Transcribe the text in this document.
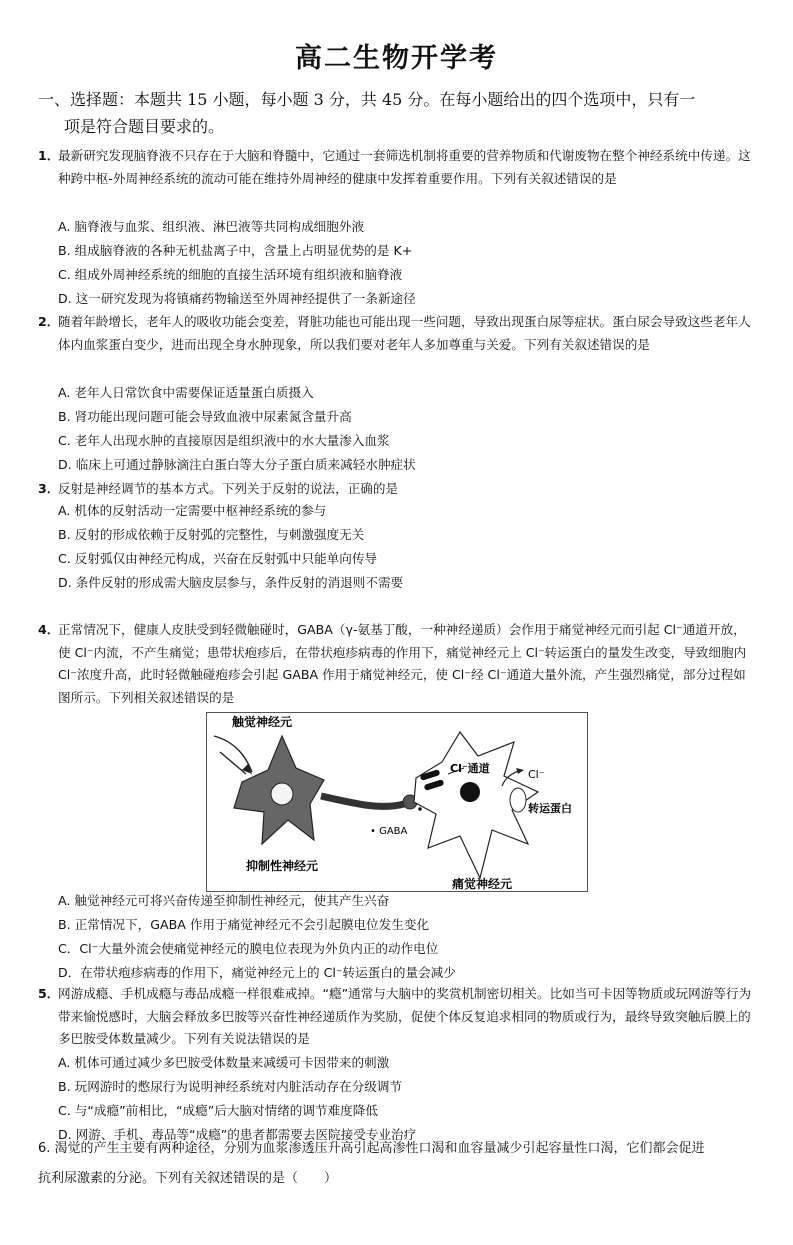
高二生物开学考
一、选择题：本题共 15 小题，每小题 3 分，共 45 分。在每小题给出的四个选项中，只有一
项是符合题目要求的。
1．
最新研究发现脑脊液不只存在于大脑和脊髓中，它通过一套筛选机制将重要的营养物质和代谢废物在整个神经系统中传递。这种跨中枢-外周神经系统的流动可能在维持外周神经的健康中发挥着重要作用。下列有关叙述错误的是
A. 脑脊液与血浆、组织液、淋巴液等共同构成细胞外液
B. 组成脑脊液的各种无机盐离子中，含量上占明显优势的是 K+
C. 组成外周神经系统的细胞的直接生活环境有组织液和脑脊液
D. 这一研究发现为将镇痛药物输送至外周神经提供了一条新途径
2．
随着年龄增长，老年人的吸收功能会变差，肾脏功能也可能出现一些问题，导致出现蛋白尿等症状。蛋白尿会导致这些老年人体内血浆蛋白变少，进而出现全身水肿现象，所以我们要对老年人多加尊重与关爱。下列有关叙述错误的是
A. 老年人日常饮食中需要保证适量蛋白质摄入
B. 肾功能出现问题可能会导致血液中尿素氮含量升高
C. 老年人出现水肿的直接原因是组织液中的水大量渗入血浆
D. 临床上可通过静脉滴注白蛋白等大分子蛋白质来减轻水肿症状
3．
反射是神经调节的基本方式。下列关于反射的说法，正确的是
A. 机体的反射活动一定需要中枢神经系统的参与
B. 反射的形成依赖于反射弧的完整性，与刺激强度无关
C. 反射弧仅由神经元构成，兴奋在反射弧中只能单向传导
D. 条件反射的形成需大脑皮层参与，条件反射的消退则不需要
4．
正常情况下，健康人皮肤受到轻微触碰时，GABA（γ-氨基丁酸，一种神经递质）会作用于痛觉神经元而引起 Cl⁻通道开放，使 Cl⁻内流，不产生痛觉；患带状疱疹后，在带状疱疹病毒的作用下，痛觉神经元上 Cl⁻转运蛋白的量发生改变，导致细胞内 Cl⁻浓度升高，此时轻微触碰疱疹会引起 GABA 作用于痛觉神经元，使 Cl⁻经 Cl⁻通道大量外流，产生强烈痛觉，部分过程如图所示。下列相关叙述错误的是
触觉神经元
抑制性神经元
痛觉神经元
• GABA
Cl⁻通道	Cl⁻
转运蛋白
A. 触觉神经元可将兴奋传递至抑制性神经元，使其产生兴奋
B. 正常情况下，GABA 作用于痛觉神经元不会引起膜电位发生变化
C．Cl⁻大量外流会使痛觉神经元的膜电位表现为外负内正的动作电位
D．在带状疱疹病毒的作用下，痛觉神经元上的 Cl⁻转运蛋白的量会减少
5．
网游成瘾、手机成瘾与毒品成瘾一样很难戒掉。“瘾”通常与大脑中的奖赏机制密切相关。比如当可卡因等物质或玩网游等行为带来愉悦感时，大脑会释放多巴胺等兴奋性神经递质作为奖励，促使个体反复追求相同的物质或行为，最终导致突触后膜上的多巴胺受体数量减少。下列有关说法错误的是
A. 机体可通过减少多巴胺受体数量来减缓可卡因带来的刺激
B. 玩网游时的憋尿行为说明神经系统对内脏活动存在分级调节
C. 与“成瘾”前相比，“成瘾”后大脑对情绪的调节难度降低
D. 网游、手机、毒品等“成瘾”的患者都需要去医院接受专业治疗
6. 渴觉的产生主要有两种途径，分别为血浆渗透压升高引起高渗性口渴和血容量减少引起容量性口渴，它们都会促进
抗利尿激素的分泌。下列有关叙述错误的是（　　）
